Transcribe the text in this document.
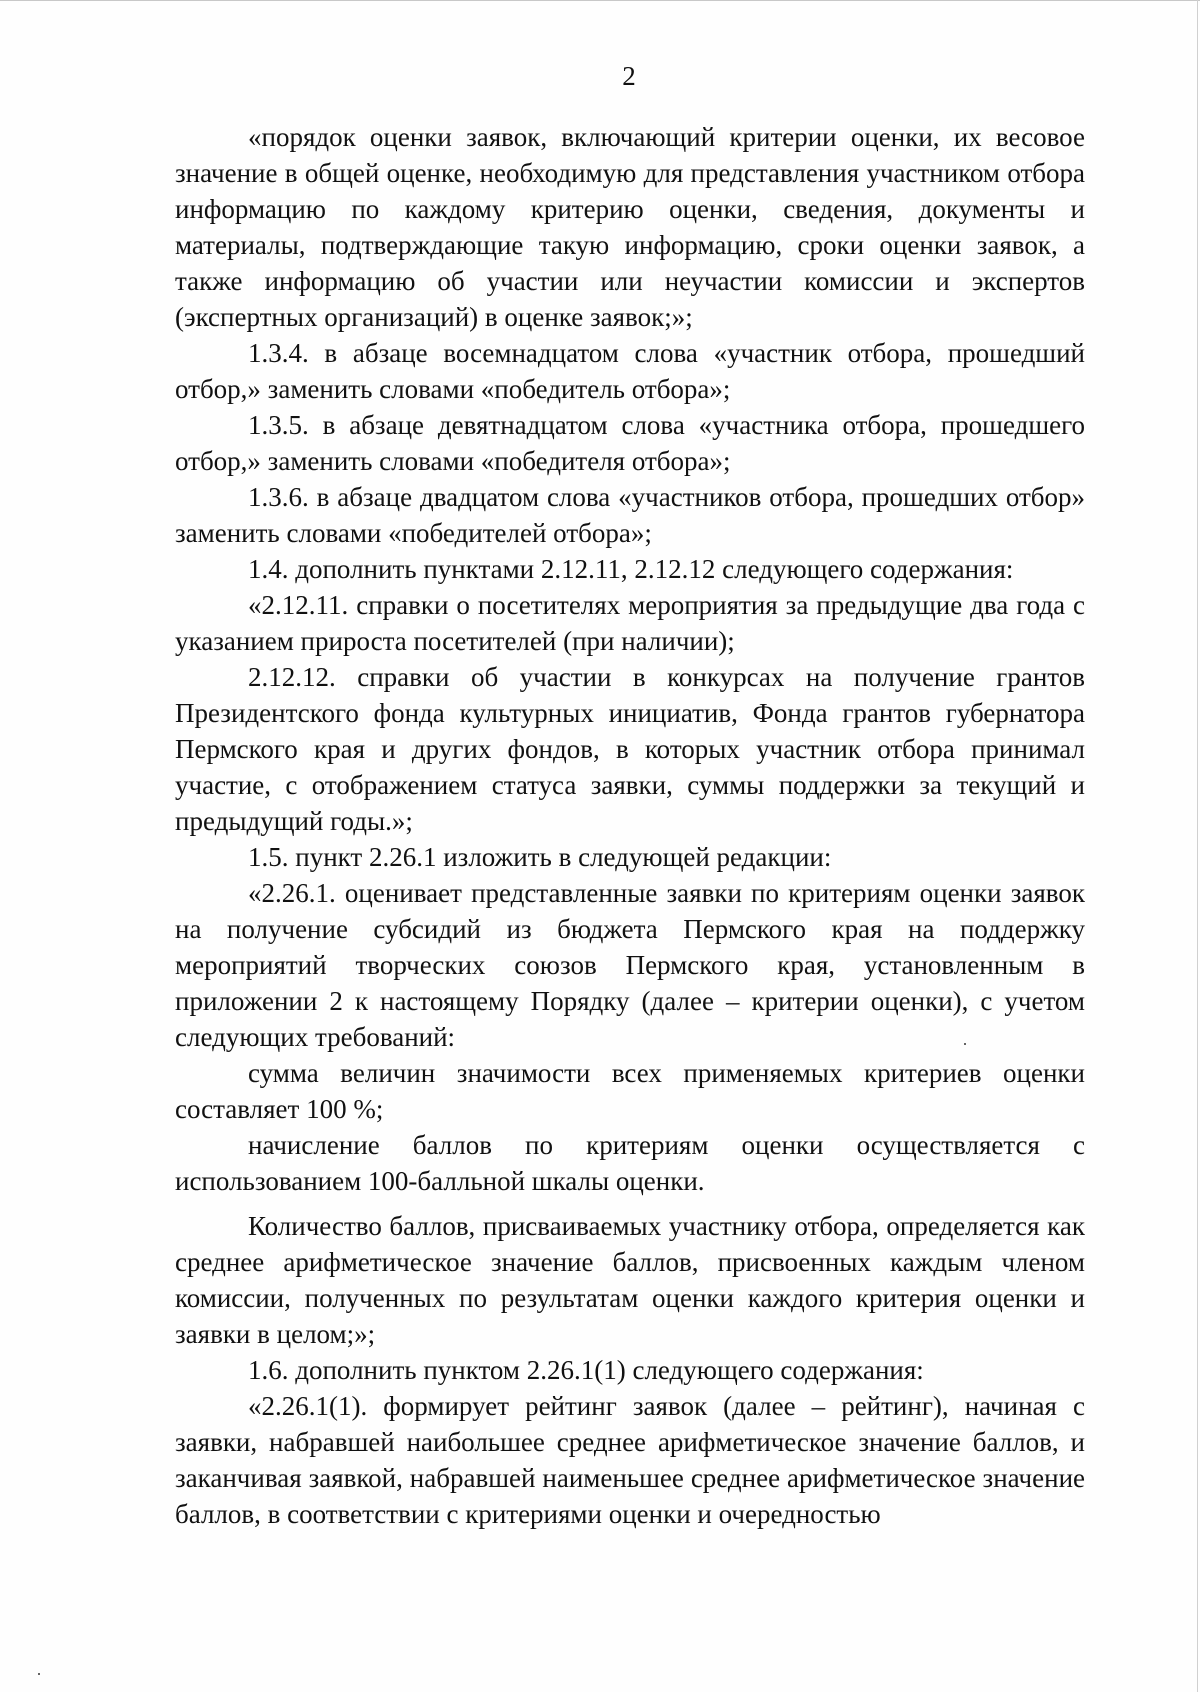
2

«порядок оценки заявок, включающий критерии оценки, их весовое значение в общей оценке, необходимую для представления участником отбора информацию по каждому критерию оценки, сведения, документы и материалы, подтверждающие такую информацию, сроки оценки заявок, а также информацию об участии или неучастии комиссии и экспертов (экспертных организаций) в оценке заявок;»;

1.3.4. в абзаце восемнадцатом слова «участник отбора, прошедший отбор,» заменить словами «победитель отбора»;

1.3.5. в абзаце девятнадцатом слова «участника отбора, прошедшего отбор,» заменить словами «победителя отбора»;

1.3.6. в абзаце двадцатом слова «участников отбора, прошедших отбор» заменить словами «победителей отбора»;

1.4. дополнить пунктами 2.12.11, 2.12.12 следующего содержания:

«2.12.11. справки о посетителях мероприятия за предыдущие два года с указанием прироста посетителей (при наличии);

2.12.12. справки об участии в конкурсах на получение грантов Президентского фонда культурных инициатив, Фонда грантов губернатора Пермского края и других фондов, в которых участник отбора принимал участие, с отображением статуса заявки, суммы поддержки за текущий и предыдущий годы.»;

1.5. пункт 2.26.1 изложить в следующей редакции:

«2.26.1. оценивает представленные заявки по критериям оценки заявок на получение субсидий из бюджета Пермского края на поддержку мероприятий творческих союзов Пермского края, установленным в приложении 2 к настоящему Порядку (далее – критерии оценки), с учетом следующих требований:

сумма величин значимости всех применяемых критериев оценки составляет 100 %;

начисление баллов по критериям оценки осуществляется с использованием 100-балльной шкалы оценки.

Количество баллов, присваиваемых участнику отбора, определяется как среднее арифметическое значение баллов, присвоенных каждым членом комиссии, полученных по результатам оценки каждого критерия оценки и заявки в целом;»;

1.6. дополнить пунктом 2.26.1(1) следующего содержания:

«2.26.1(1). формирует рейтинг заявок (далее – рейтинг), начиная с заявки, набравшей наибольшее среднее арифметическое значение баллов, и заканчивая заявкой, набравшей наименьшее среднее арифметическое значение баллов, в соответствии с критериями оценки и очередностью
